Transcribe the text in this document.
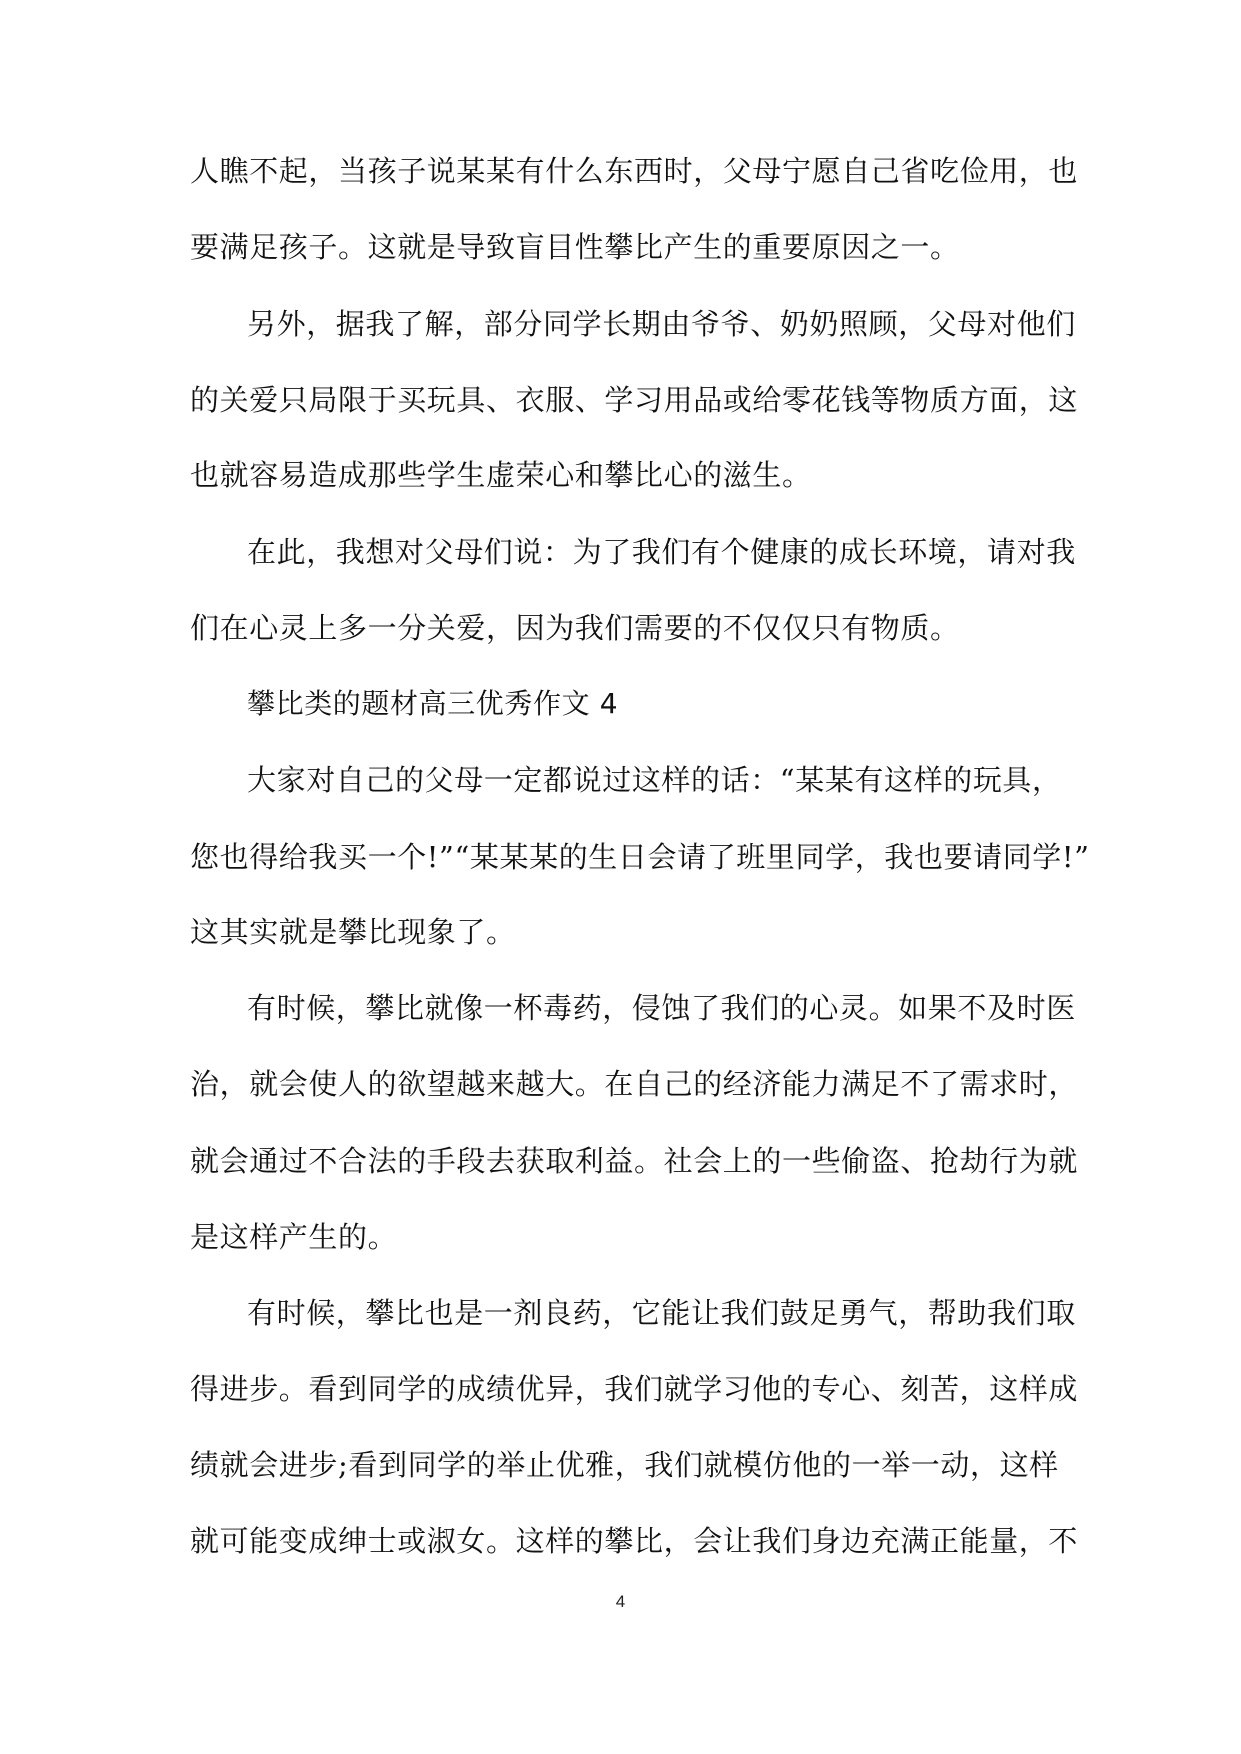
人瞧不起，当孩子说某某有什么东西时，父母宁愿自己省吃俭用，也
要满足孩子。这就是导致盲目性攀比产生的重要原因之一。
另外，据我了解，部分同学长期由爷爷、奶奶照顾，父母对他们
的关爱只局限于买玩具、衣服、学习用品或给零花钱等物质方面，这
也就容易造成那些学生虚荣心和攀比心的滋生。
在此，我想对父母们说：为了我们有个健康的成长环境，请对我
们在心灵上多一分关爱，因为我们需要的不仅仅只有物质。
攀比类的题材高三优秀作文 4
大家对自己的父母一定都说过这样的话：“某某有这样的玩具，
您也得给我买一个!”“某某某的生日会请了班里同学，我也要请同学!”
这其实就是攀比现象了。
有时候，攀比就像一杯毒药，侵蚀了我们的心灵。如果不及时医
治，就会使人的欲望越来越大。在自己的经济能力满足不了需求时，
就会通过不合法的手段去获取利益。社会上的一些偷盗、抢劫行为就
是这样产生的。
有时候，攀比也是一剂良药，它能让我们鼓足勇气，帮助我们取
得进步。看到同学的成绩优异，我们就学习他的专心、刻苦，这样成
绩就会进步;看到同学的举止优雅，我们就模仿他的一举一动，这样
就可能变成绅士或淑女。这样的攀比，会让我们身边充满正能量，不
4
